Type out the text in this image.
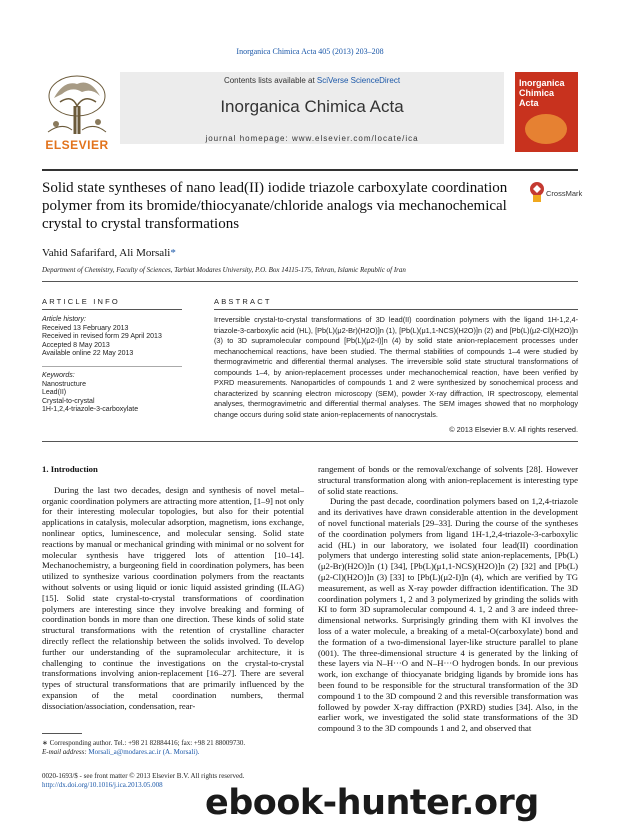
Inorganica Chimica Acta 405 (2013) 203–208
ELSEVIER
Contents lists available at SciVerse ScienceDirect
Inorganica Chimica Acta
journal homepage: www.elsevier.com/locate/ica
Inorganica Chimica Acta
Solid state syntheses of nano lead(II) iodide triazole carboxylate coordination polymer from its bromide/thiocyanate/chloride analogs via mechanochemical crystal to crystal transformations
CrossMark
Vahid Safarifard, Ali Morsali*
Department of Chemistry, Faculty of Sciences, Tarbiat Modares University, P.O. Box 14115-175, Tehran, Islamic Republic of Iran
ARTICLE INFO	ABSTRACT
Article history:
Received 13 February 2013
Received in revised form 29 April 2013
Accepted 8 May 2013
Available online 22 May 2013
Keywords:
Nanostructure
Lead(II)
Crystal-to-crystal
1H-1,2,4-triazole-3-carboxylate
Irreversible crystal-to-crystal transformations of 3D lead(II) coordination polymers with the ligand 1H-1,2,4-triazole-3-carboxylic acid (HL), [Pb(L)(μ2-Br)(H2O)]n (1), [Pb(L)(μ1,1-NCS)(H2O)]n (2) and [Pb(L)(μ2-Cl)(H2O)]n (3) to 3D supramolecular compound [Pb(L)(μ2-I)]n (4) by solid state anion-replacement processes under mechanochemical reactions, have been studied. The thermal stabilities of compounds 1–4 were studied by thermogravimetric and differential thermal analyses. The irreversible solid state structural transformations of compounds 1–4, by anion-replacement processes under mechanochemical reaction, have been verified by PXRD measurements. Nanoparticles of compounds 1 and 2 were synthesized by sonochemical process and characterized by scanning electron microscopy (SEM), powder X-ray diffraction, IR spectroscopy, elemental analyses, thermogravimetric and differential thermal analyses. The SEM images showed that no morphology change occurs during solid state anion-replacements of nanocrystals.
© 2013 Elsevier B.V. All rights reserved.
1. Introduction

During the last two decades, design and synthesis of novel metal–organic coordination polymers are attracting more attention, [1–9] not only for their interesting molecular topologies, but also for their potential applications in catalysis, molecular adsorption, magnetism, ions exchange, nonlinear optics, luminescence, and molecular sensing. Solid state reactions by manual or mechanical grinding with minimal or no solvent for molecular synthesis have triggered lots of attention [10–14]. Mechanochemistry, a burgeoning field in coordination polymers, has been utilized to synthesize various coordination polymers from the reactants without solvents or using liquid or ionic liquid assisted grinding (ILAG) [15]. Solid state crystal-to-crystal transformations of coordination polymers are interesting since they involve breaking and forming of coordination bonds in more than one direction. These kinds of solid state structural transformations with the retention of crystalline character directly reflect the relationship between the solids involved. To develop further our understanding of the supramolecular architecture, it is challenging to continue the investigations on the crystal-to-crystal transformations involving anion-replacement [16–27]. There are several types of structural transformations that are primarily influenced by the expansion of the metal coordination numbers, thermal dissociation/association, condensation, rear-

rangement of bonds or the removal/exchange of solvents [28]. However structural transformation along with anion-replacement is interesting type of solid state reactions.

During the past decade, coordination polymers based on 1,2,4-triazole and its derivatives have drawn considerable attention in the development of novel functional materials [29–33]. During the course of the syntheses of the coordination polymers from ligand 1H-1,2,4-triazole-3-carboxylic acid (HL) in our laboratory, we isolated four lead(II) coordination polymers that undergo interesting solid state anion-replacements, [Pb(L)(μ2-Br)(H2O)]n (1) [34], [Pb(L)(μ1,1-NCS)(H2O)]n (2) [32] and [Pb(L)(μ2-Cl)(H2O)]n (3) [33] to [Pb(L)(μ2-I)]n (4), which are verified by TG measurement, as well as X-ray powder diffraction identification. The 3D coordination polymers 1, 2 and 3 polymerized by grinding the solids with KI to form 3D supramolecular compound 4. 1, 2 and 3 are indeed three-dimensional networks. Surprisingly grinding them with KI involves the loss of a water molecule, a breaking of a metal-O(carboxylate) bond and the formation of a two-dimensional layer-like structure parallel to plane (001). The three-dimensional structure 4 is generated by the linking of these layers via N–H···O and N–H···O hydrogen bonds. In our previous work, ion exchange of thiocyanate bridging ligands by bromide ions has been found to be responsible for the structural transformation of the 3D compound 1 to the 3D compound 2 and this reversible transformation was followed by powder X-ray diffraction (PXRD) studies [34]. Also, in the earlier work, we investigated the solid state transformations of the 3D compound 3 to the 3D compounds 1 and 2, and observed that

∗ Corresponding author. Tel.: +98 21 82884416; fax: +98 21 88009730.
E-mail address: Morsali_a@modares.ac.ir (A. Morsali).
0020-1693/$ - see front matter © 2013 Elsevier B.V. All rights reserved.
http://dx.doi.org/10.1016/j.ica.2013.05.008	ebook-hunter.org
